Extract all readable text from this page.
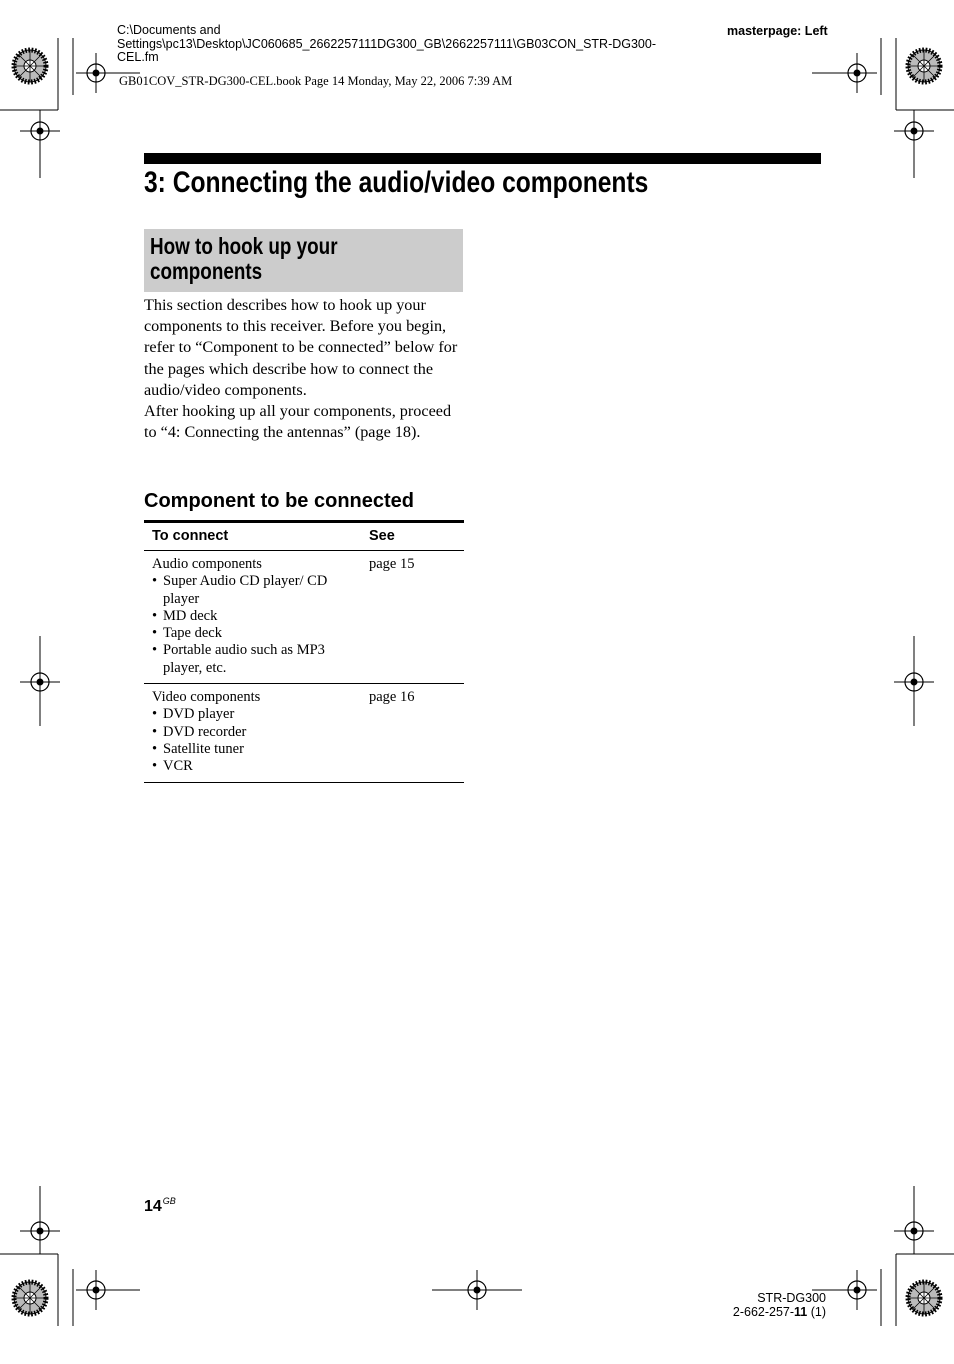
C:\Documents and Settings\pc13\Desktop\JC060685_2662257111DG300_GB\2662257111\GB03CON_STR-DG300-CEL.fm
masterpage: Left
GB01COV_STR-DG300-CEL.book Page 14 Monday, May 22, 2006 7:39 AM
3: Connecting the audio/video components
How to hook up your components

This section describes how to hook up your components to this receiver. Before you begin, refer to “Component to be connected” below for the pages which describe how to connect the audio/video components.

After hooking up all your components, proceed to “4: Connecting the antennas” (page 18).

Component to be connected
To connect	See
Audio components
• Super Audio CD player/ CD player
• MD deck
• Tape deck
• Portable audio such as MP3 player, etc.
page 15
Video components
• DVD player
• DVD recorder
• Satellite tuner
• VCR
page 16
$14^{GB}$
STR-DG300
2-662-257-11 (1)
